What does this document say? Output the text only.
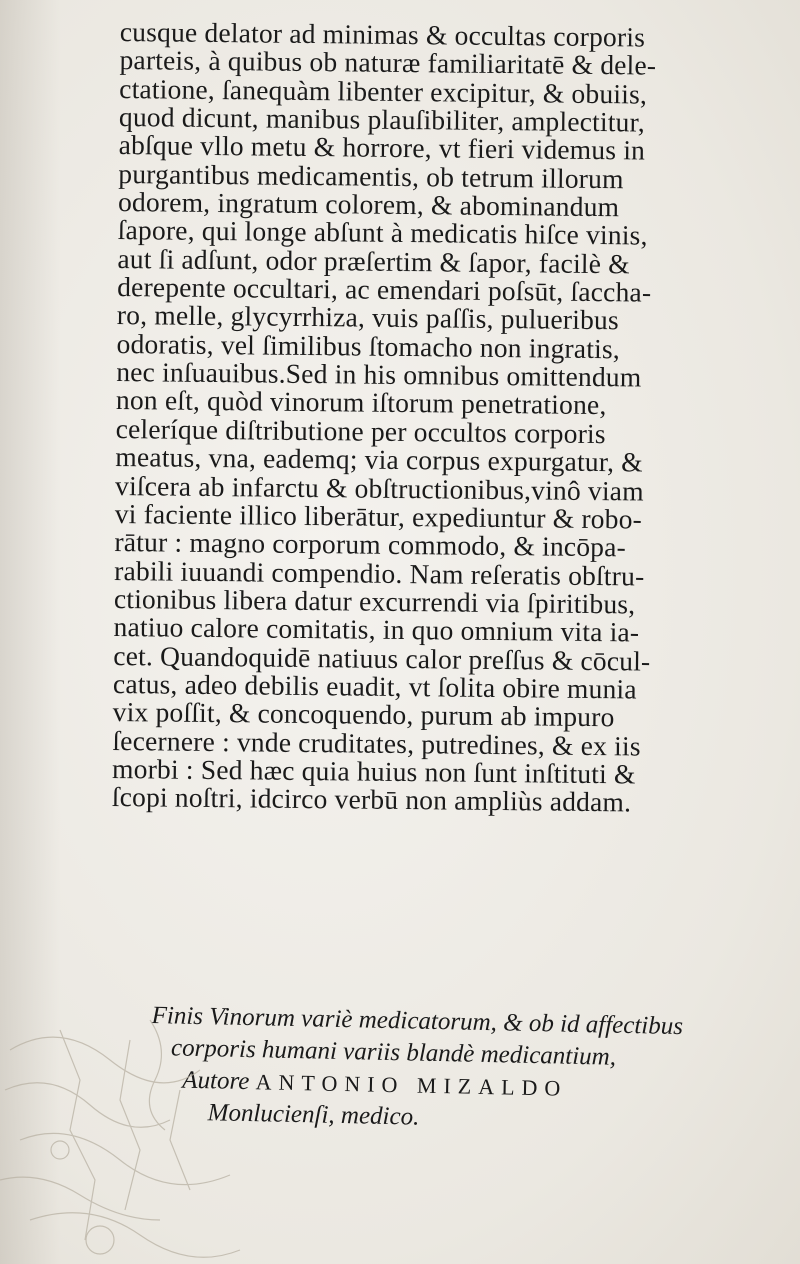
cusque delator ad minimas & occultas corporis

parteis, à quibus ob naturæ familiaritatē & dele-

ctatione, ſanequàm libenter excipitur, & obuiis,

quod dicunt, manibus plauſibiliter, amplectitur,

abſque vllo metu & horrore, vt fieri videmus in

purgantibus medicamentis, ob tetrum illorum

odorem, ingratum colorem, & abominandum

ſapore, qui longe abſunt à medicatis hiſce vinis,

aut ſi adſunt, odor præſertim & ſapor, facilè &

derepente occultari, ac emendari poſsūt, ſaccha-

ro, melle, glycyrrhiza, vuis paſſis, pulueribus

odoratis, vel ſimilibus ſtomacho non ingratis,

nec inſuauibus.Sed in his omnibus omittendum

non eſt, quòd vinorum iſtorum penetratione,

celeríque diſtributione per occultos corporis

meatus, vna, eademq; via corpus expurgatur, &

viſcera ab infarctu & obſtructionibus,vinô viam

vi faciente illico liberātur, expediuntur & robo-

rātur : magno corporum commodo, & incōpa-

rabili iuuandi compendio. Nam reſeratis obſtru-

ctionibus libera datur excurrendi via ſpiritibus,

natiuo calore comitatis, in quo omnium vita ia-

cet. Quandoquidē natiuus calor preſſus & cōcul-

catus, adeo debilis euadit, vt ſolita obire munia

vix poſſit, & concoquendo, purum ab impuro

ſecernere : vnde cruditates, putredines, & ex iis

morbi : Sed hæc quia huius non ſunt inſtituti &

ſcopi noſtri, idcirco verbū non ampliùs addam.

Finis Vinorum variè medicatorum, & ob id affectibus

corporis humani variis blandè medicantium,

Autore ANTONIO MIZALDO

Monlucienſi, medico.
